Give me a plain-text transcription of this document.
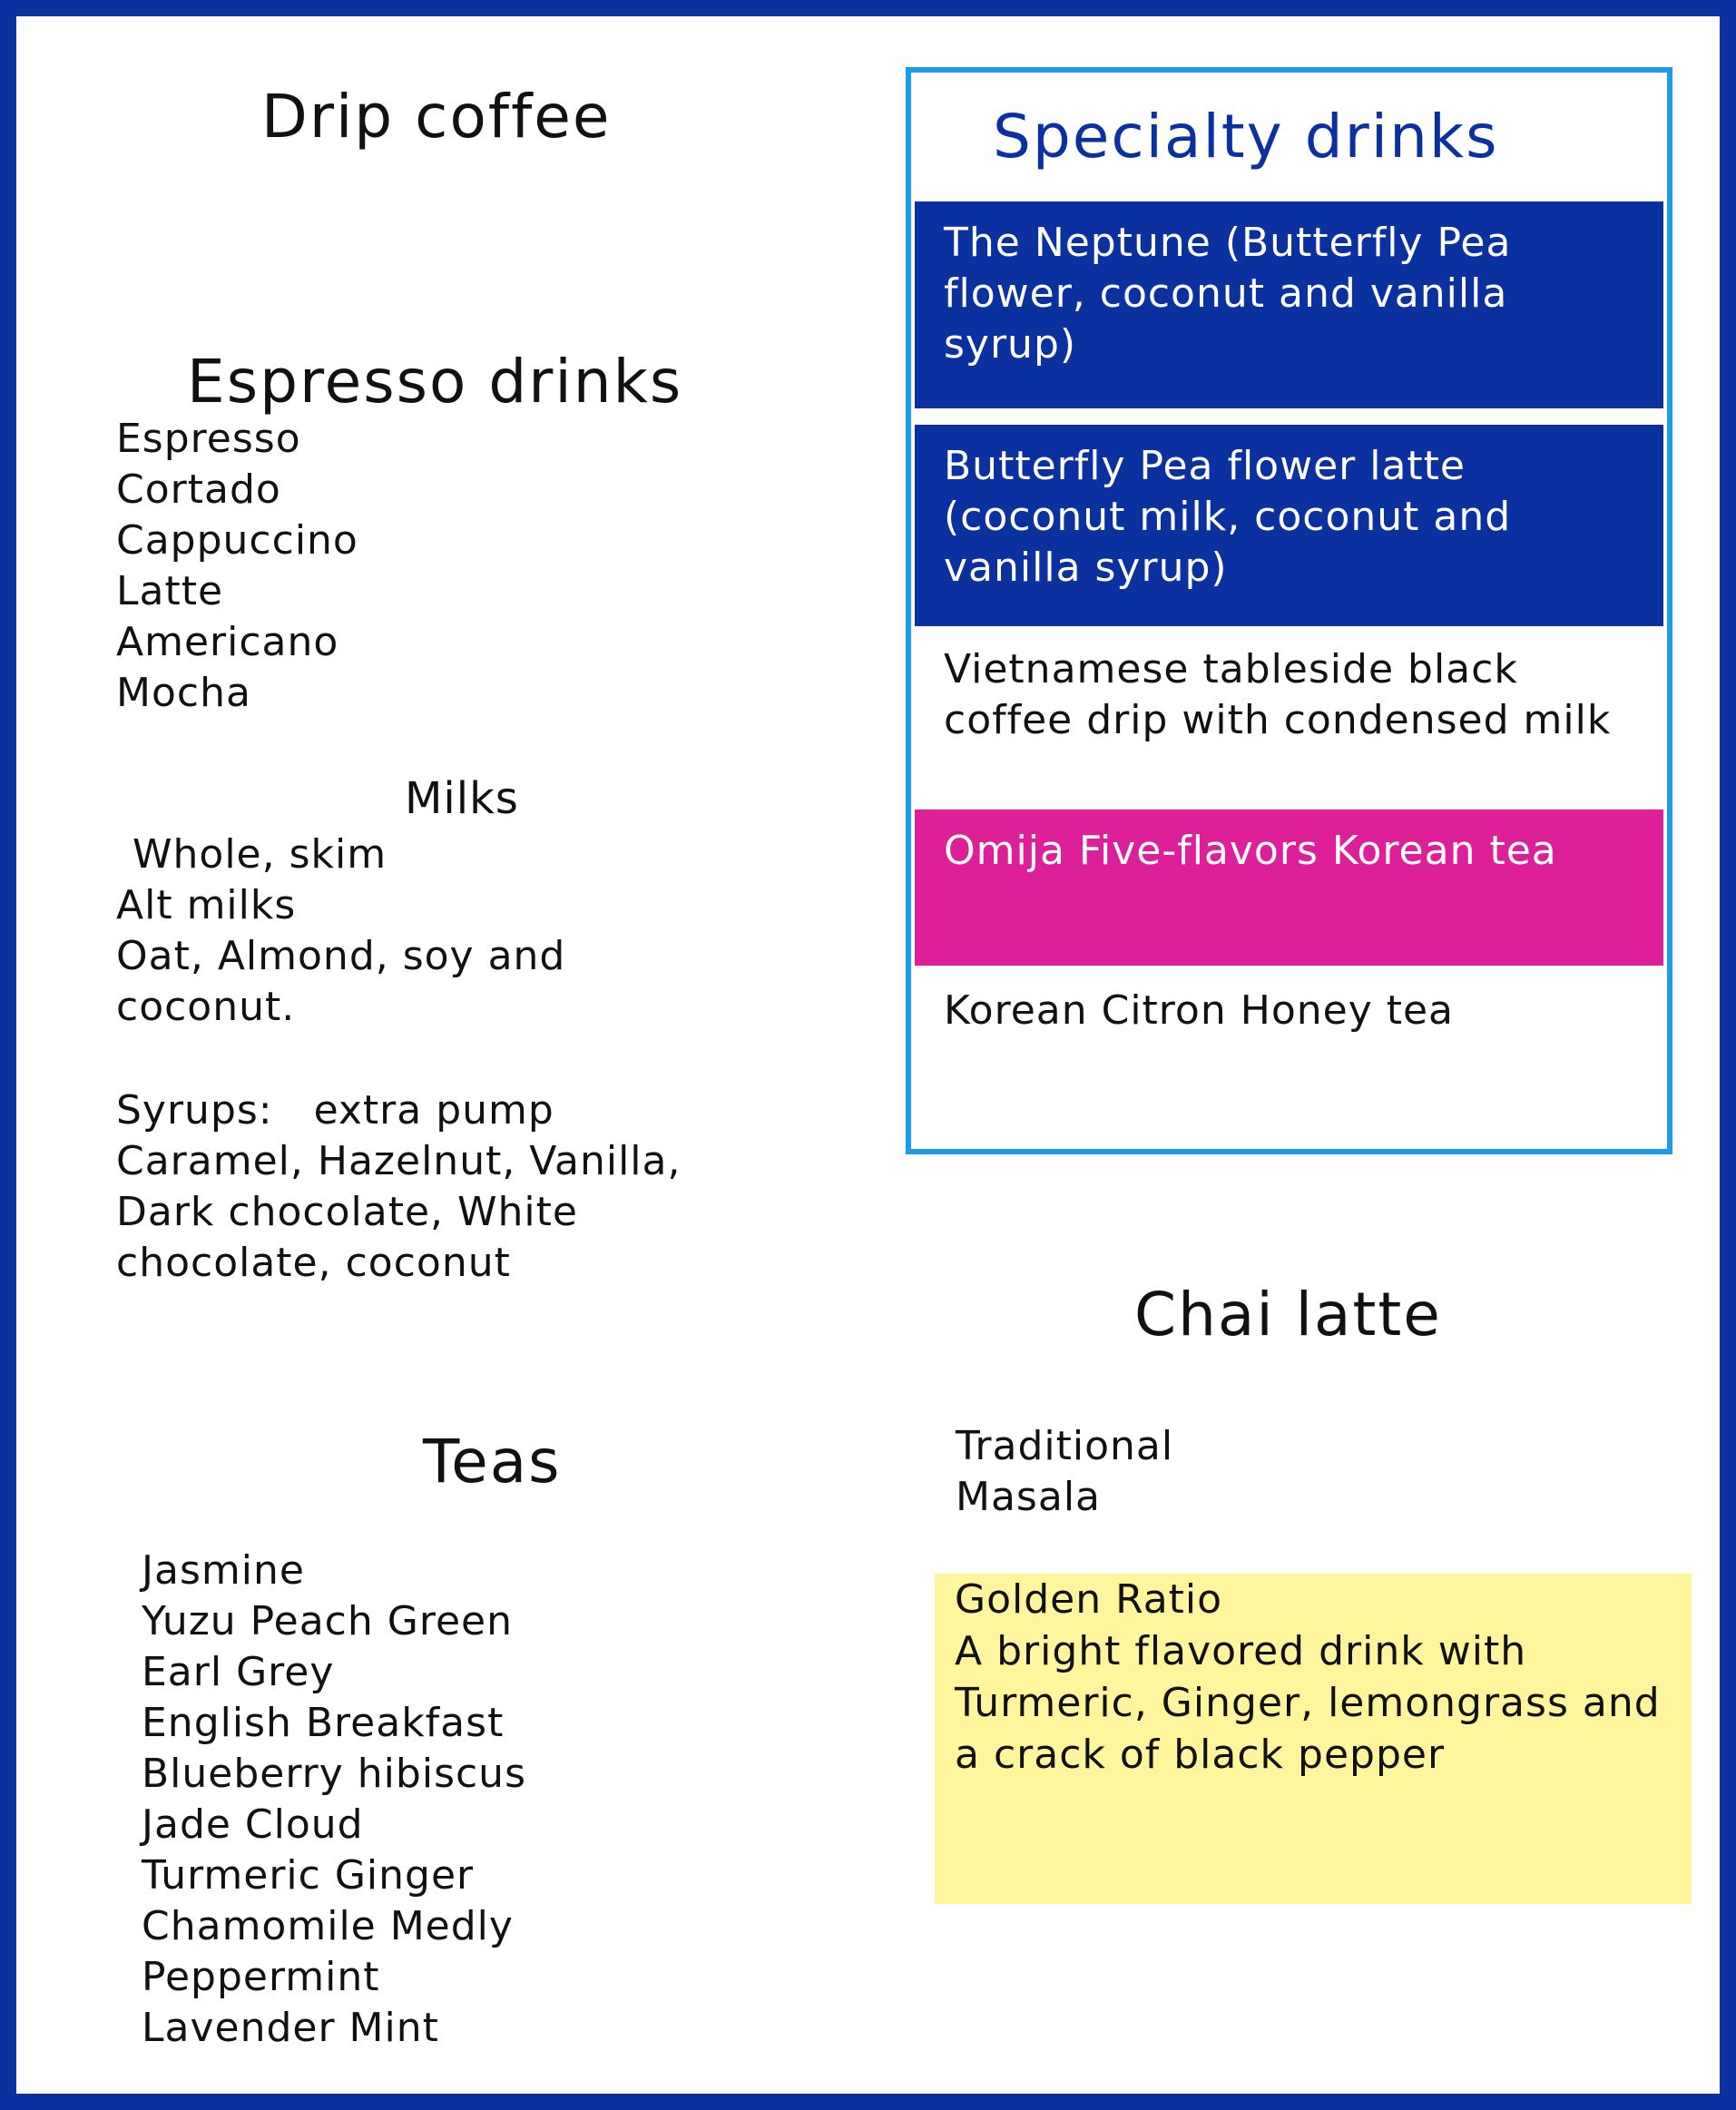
Drip coffee
Espresso drinks
Espresso
Cortado
Cappuccino
Latte
Americano
Mocha
Milks

Whole, skim

Alt milks

Oat, Almond, soy and
coconut.

Syrups:   extra pump

Caramel, Hazelnut, Vanilla,
Dark chocolate, White
chocolate, coconut
Specialty drinks
The Neptune (Butterfly Pea flower, coconut and vanilla syrup)
Butterfly Pea flower latte (coconut milk, coconut and vanilla syrup)
Vietnamese tableside black coffee drip with condensed milk
Omija Five-flavors Korean tea
Korean Citron Honey tea
Chai latte
Traditional
Masala
Golden Ratio
A bright flavored drink with Turmeric, Ginger, lemongrass and a crack of black pepper
Teas
Jasmine
Yuzu Peach Green
Earl Grey
English Breakfast
Blueberry hibiscus
Jade Cloud
Turmeric Ginger
Chamomile Medly
Peppermint
Lavender Mint
